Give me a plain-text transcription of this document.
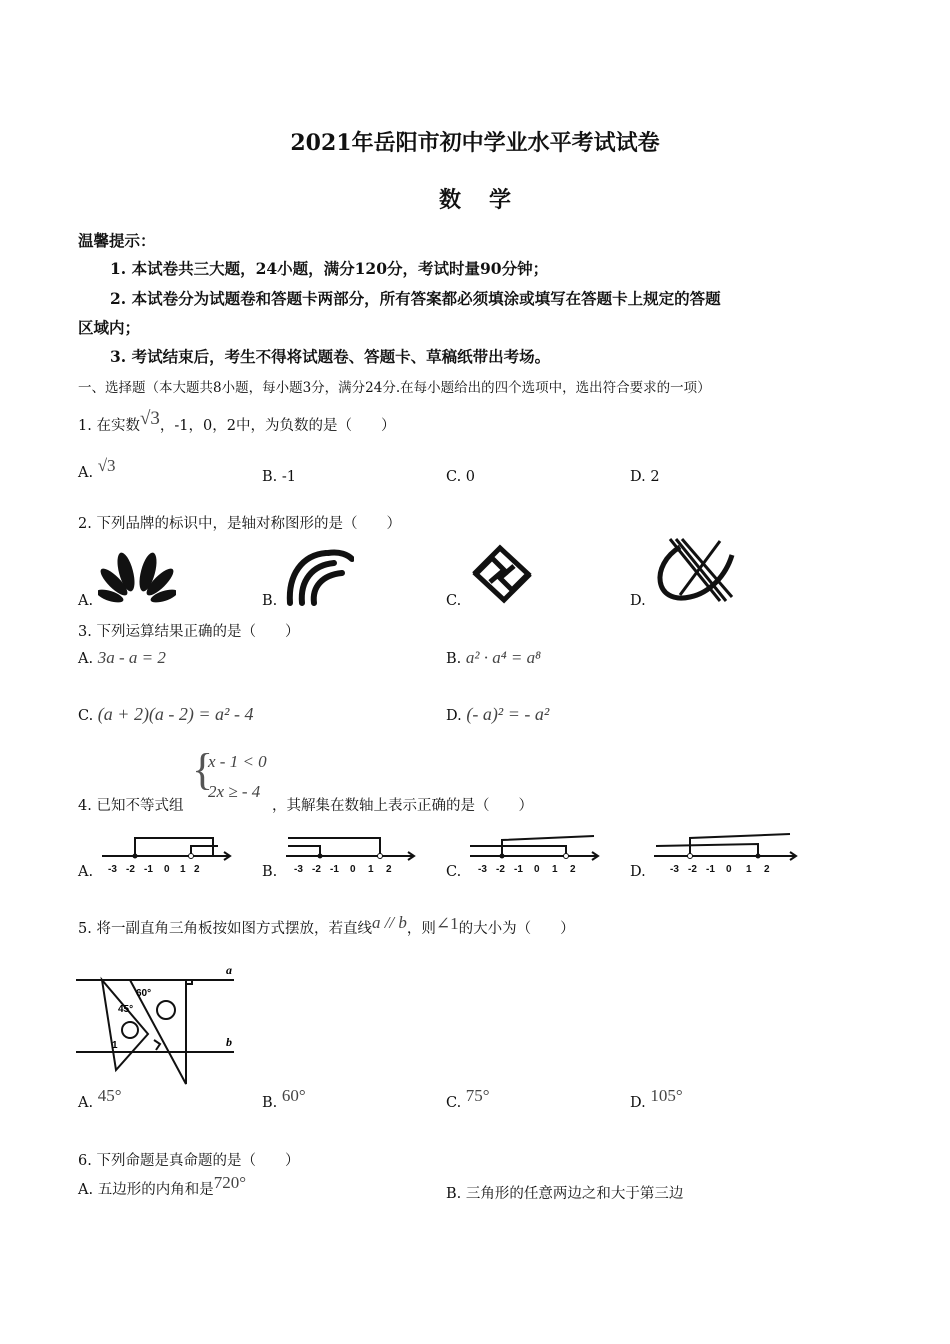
2021年岳阳市初中学业水平考试试卷
数学
温馨提示：
1. 本试卷共三大题，24小题，满分120分，考试时量90分钟；
2. 本试卷分为试题卷和答题卡两部分，所有答案都必须填涂或填写在答题卡上规定的答题
区域内；
3. 考试结束后，考生不得将试题卷、答题卡、草稿纸带出考场。
一、选择题（本大题共8小题，每小题3分，满分24分.在每小题给出的四个选项中，选出符合要求的一项）
1. 在实数√3，-1，0，2中，为负数的是（　　）
A. √3
B. -1	C. 0	D. 2
2. 下列品牌的标识中，是轴对称图形的是（　　）
A.	B.	C.	D.
3. 下列运算结果正确的是（　　）
A. 3a - a = 2	B. a² · a⁴ = a⁸
C. (a + 2)(a - 2) = a² - 4	D. (- a)² = - a²
4. 已知不等式组
{
x - 1 < 0
2x ≥ - 4
，其解集在数轴上表示正确的是（　　）
A.	B.	C.	D.
-3 -2 -1 0 1 2	-3 -2 -1 0 1 2	-3 -2 -1 0 1 2	-3 -2 -1 0 1 2
5. 将一副直角三角板按如图方式摆放，若直线a // b，则∠1的大小为（　　）
a
b
60°
45°
1
A. 45°	B. 60°	C. 75°	D. 105°
6. 下列命题是真命题的是（　　）
A. 五边形的内角和是720°
B. 三角形的任意两边之和大于第三边
